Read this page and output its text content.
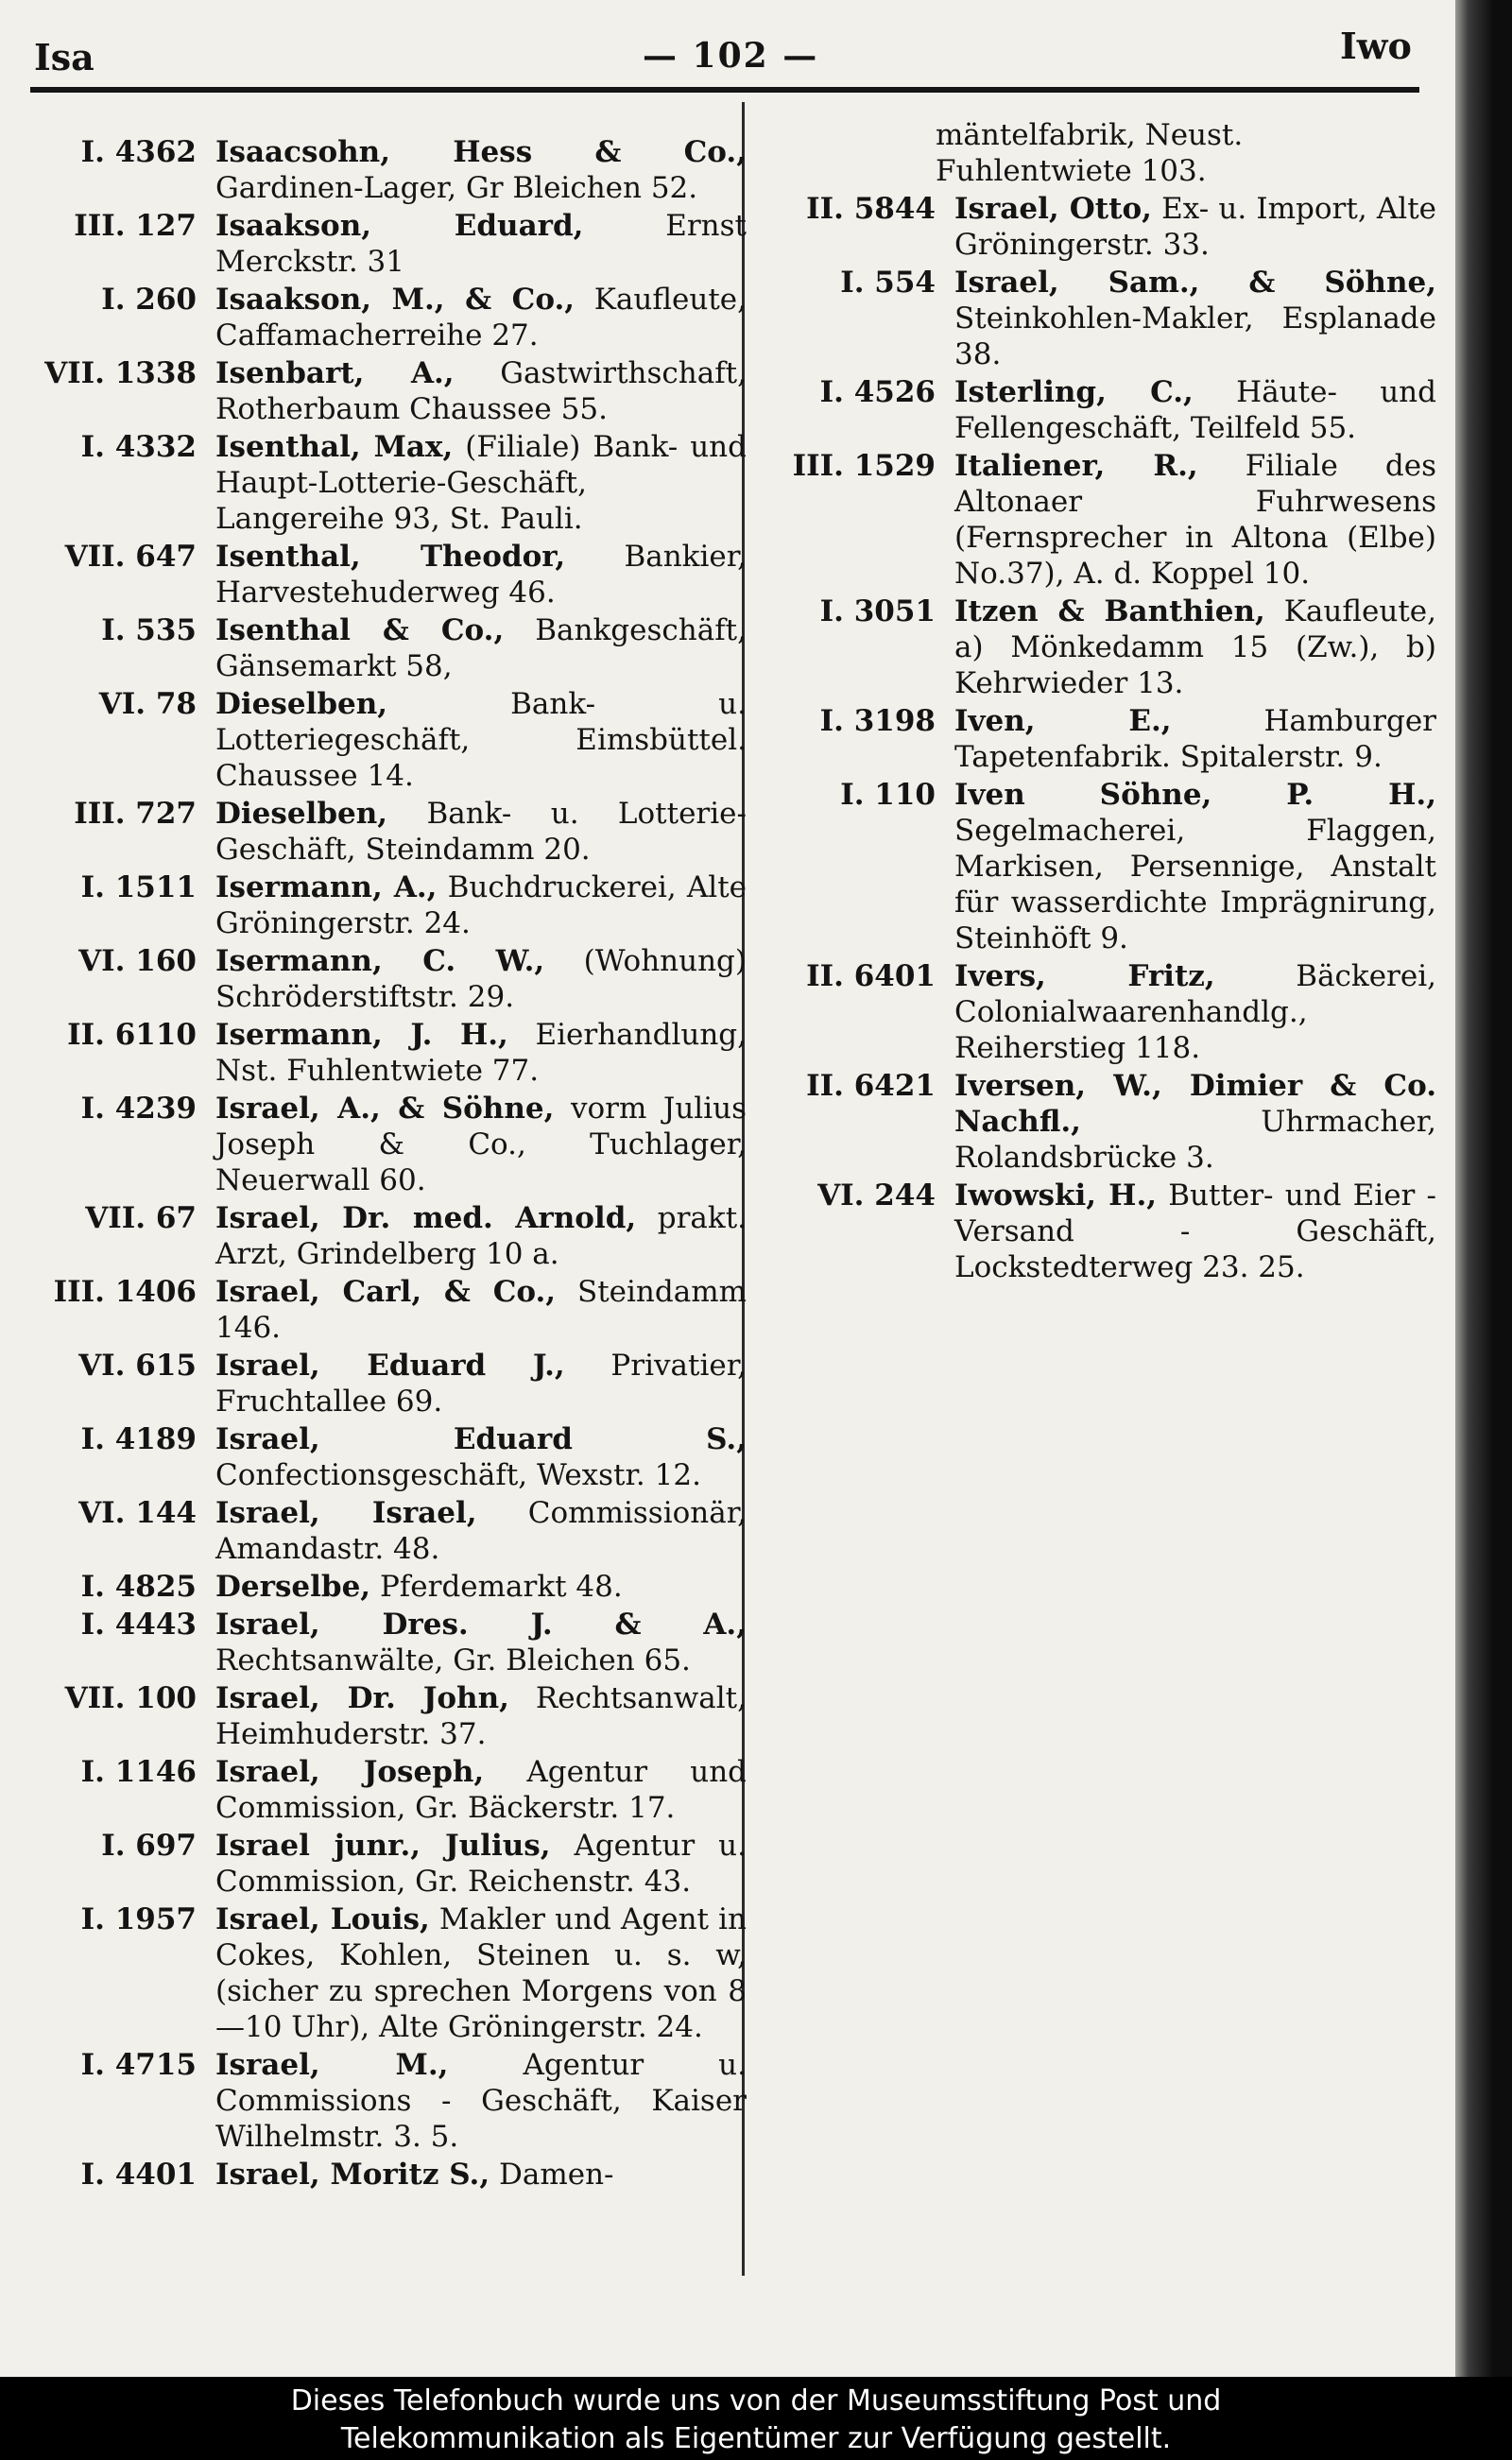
Isa	— 102 —	Iwo
I. 4362 Isaacsohn, Hess & Co., Gardinen-Lager, Gr Bleichen 52.
III. 127 Isaakson, Eduard,	Ernst Merckstr. 31
I. 260 Isaakson, M., & Co., Kaufleute, Caffamacherreihe 27.
VII. 1338 Isenbart, A., Gastwirthschaft, Rotherbaum Chaussee 55.
I. 4332 Isenthal, Max, (Filiale) Bank- und Haupt-Lotterie-Geschäft, Langereihe 93, St. Pauli.
VII. 647 Isenthal, Theodor, Bankier, Harvestehuderweg 46.
I. 535 Isenthal & Co., Bankgeschäft, Gänsemarkt 58,
VI. 78 Dieselben,	Bank- u. Lotteriegeschäft, Eimsbüttel. Chaussee 14.
III. 727 Dieselben, Bank- u. Lotterie-Geschäft, Steindamm 20.
I. 1511 Isermann, A., Buchdruckerei, Alte Gröningerstr. 24.
VI. 160 Isermann, C. W., (Wohnung) Schröderstiftstr. 29.
II. 6110 Isermann, J. H., Eierhandlung, Nst. Fuhlentwiete 77.
I. 4239 Israel, A., & Söhne, vorm Julius Joseph & Co., Tuchlager, Neuerwall 60.
VII. 67 Israel, Dr. med. Arnold, prakt. Arzt, Grindelberg 10 a.
III. 1406 Israel, Carl, & Co., Steindamm 146.
VI. 615 Israel, Eduard J., Privatier, Fruchtallee 69.
I. 4189 Israel, Eduard S., Confectionsgeschäft, Wexstr. 12.
VI. 144 Israel, Israel, Commissionär, Amandastr. 48.
I. 4825 Derselbe, Pferdemarkt 48.
I. 4443 Israel, Dres. J. & A., Rechtsanwälte, Gr. Bleichen 65.
VII. 100 Israel, Dr. John, Rechtsanwalt, Heimhuderstr. 37.
I. 1146 Israel, Joseph, Agentur und Commission, Gr. Bäckerstr. 17.
I. 697 Israel junr., Julius, Agentur u. Commission, Gr. Reichenstr. 43.
I. 1957 Israel, Louis, Makler und Agent in Cokes, Kohlen, Steinen u. s. w, (sicher zu sprechen Morgens von 8—10 Uhr), Alte Gröningerstr. 24.
I. 4715 Israel, M.,	Agentur u. Commissions - Geschäft, Kaiser Wilhelmstr. 3. 5.
I. 4401 Israel, Moritz S., Damen-
mäntelfabrik, Neust. Fuhlentwiete 103.
II. 5844 Israel, Otto, Ex- u. Import, Alte Gröningerstr. 33.
I. 554 Israel, Sam., & Söhne, Steinkohlen-Makler, Esplanade 38.
I. 4526 Isterling, C., Häute- und Fellengeschäft, Teilfeld 55.
III. 1529 Italiener, R., Filiale des Altonaer Fuhrwesens (Fernsprecher in Altona (Elbe) No.37), A. d. Koppel 10.
I. 3051 Itzen & Banthien, Kaufleute, a) Mönkedamm 15 (Zw.), b) Kehrwieder 13.
I. 3198 Iven, E.,	Hamburger Tapetenfabrik. Spitalerstr. 9.
I. 110 Iven Söhne, P. H., Segelmacherei, Flaggen, Markisen, Persennige, Anstalt für wasserdichte Imprägnirung, Steinhöft 9.
II. 6401 Ivers, Fritz,	Bäckerei, Colonialwaarenhandlg., Reiherstieg 118.
II. 6421 Iversen, W., Dimier & Co. Nachfl.,	Uhrmacher, Rolandsbrücke 3.
VI. 244 Iwowski, H., Butter- und Eier - Versand - Geschäft, Lockstedterweg 23. 25.
Dieses Telefonbuch wurde uns von der Museumsstiftung Post und
Telekommunikation als Eigentümer zur Verfügung gestellt.
